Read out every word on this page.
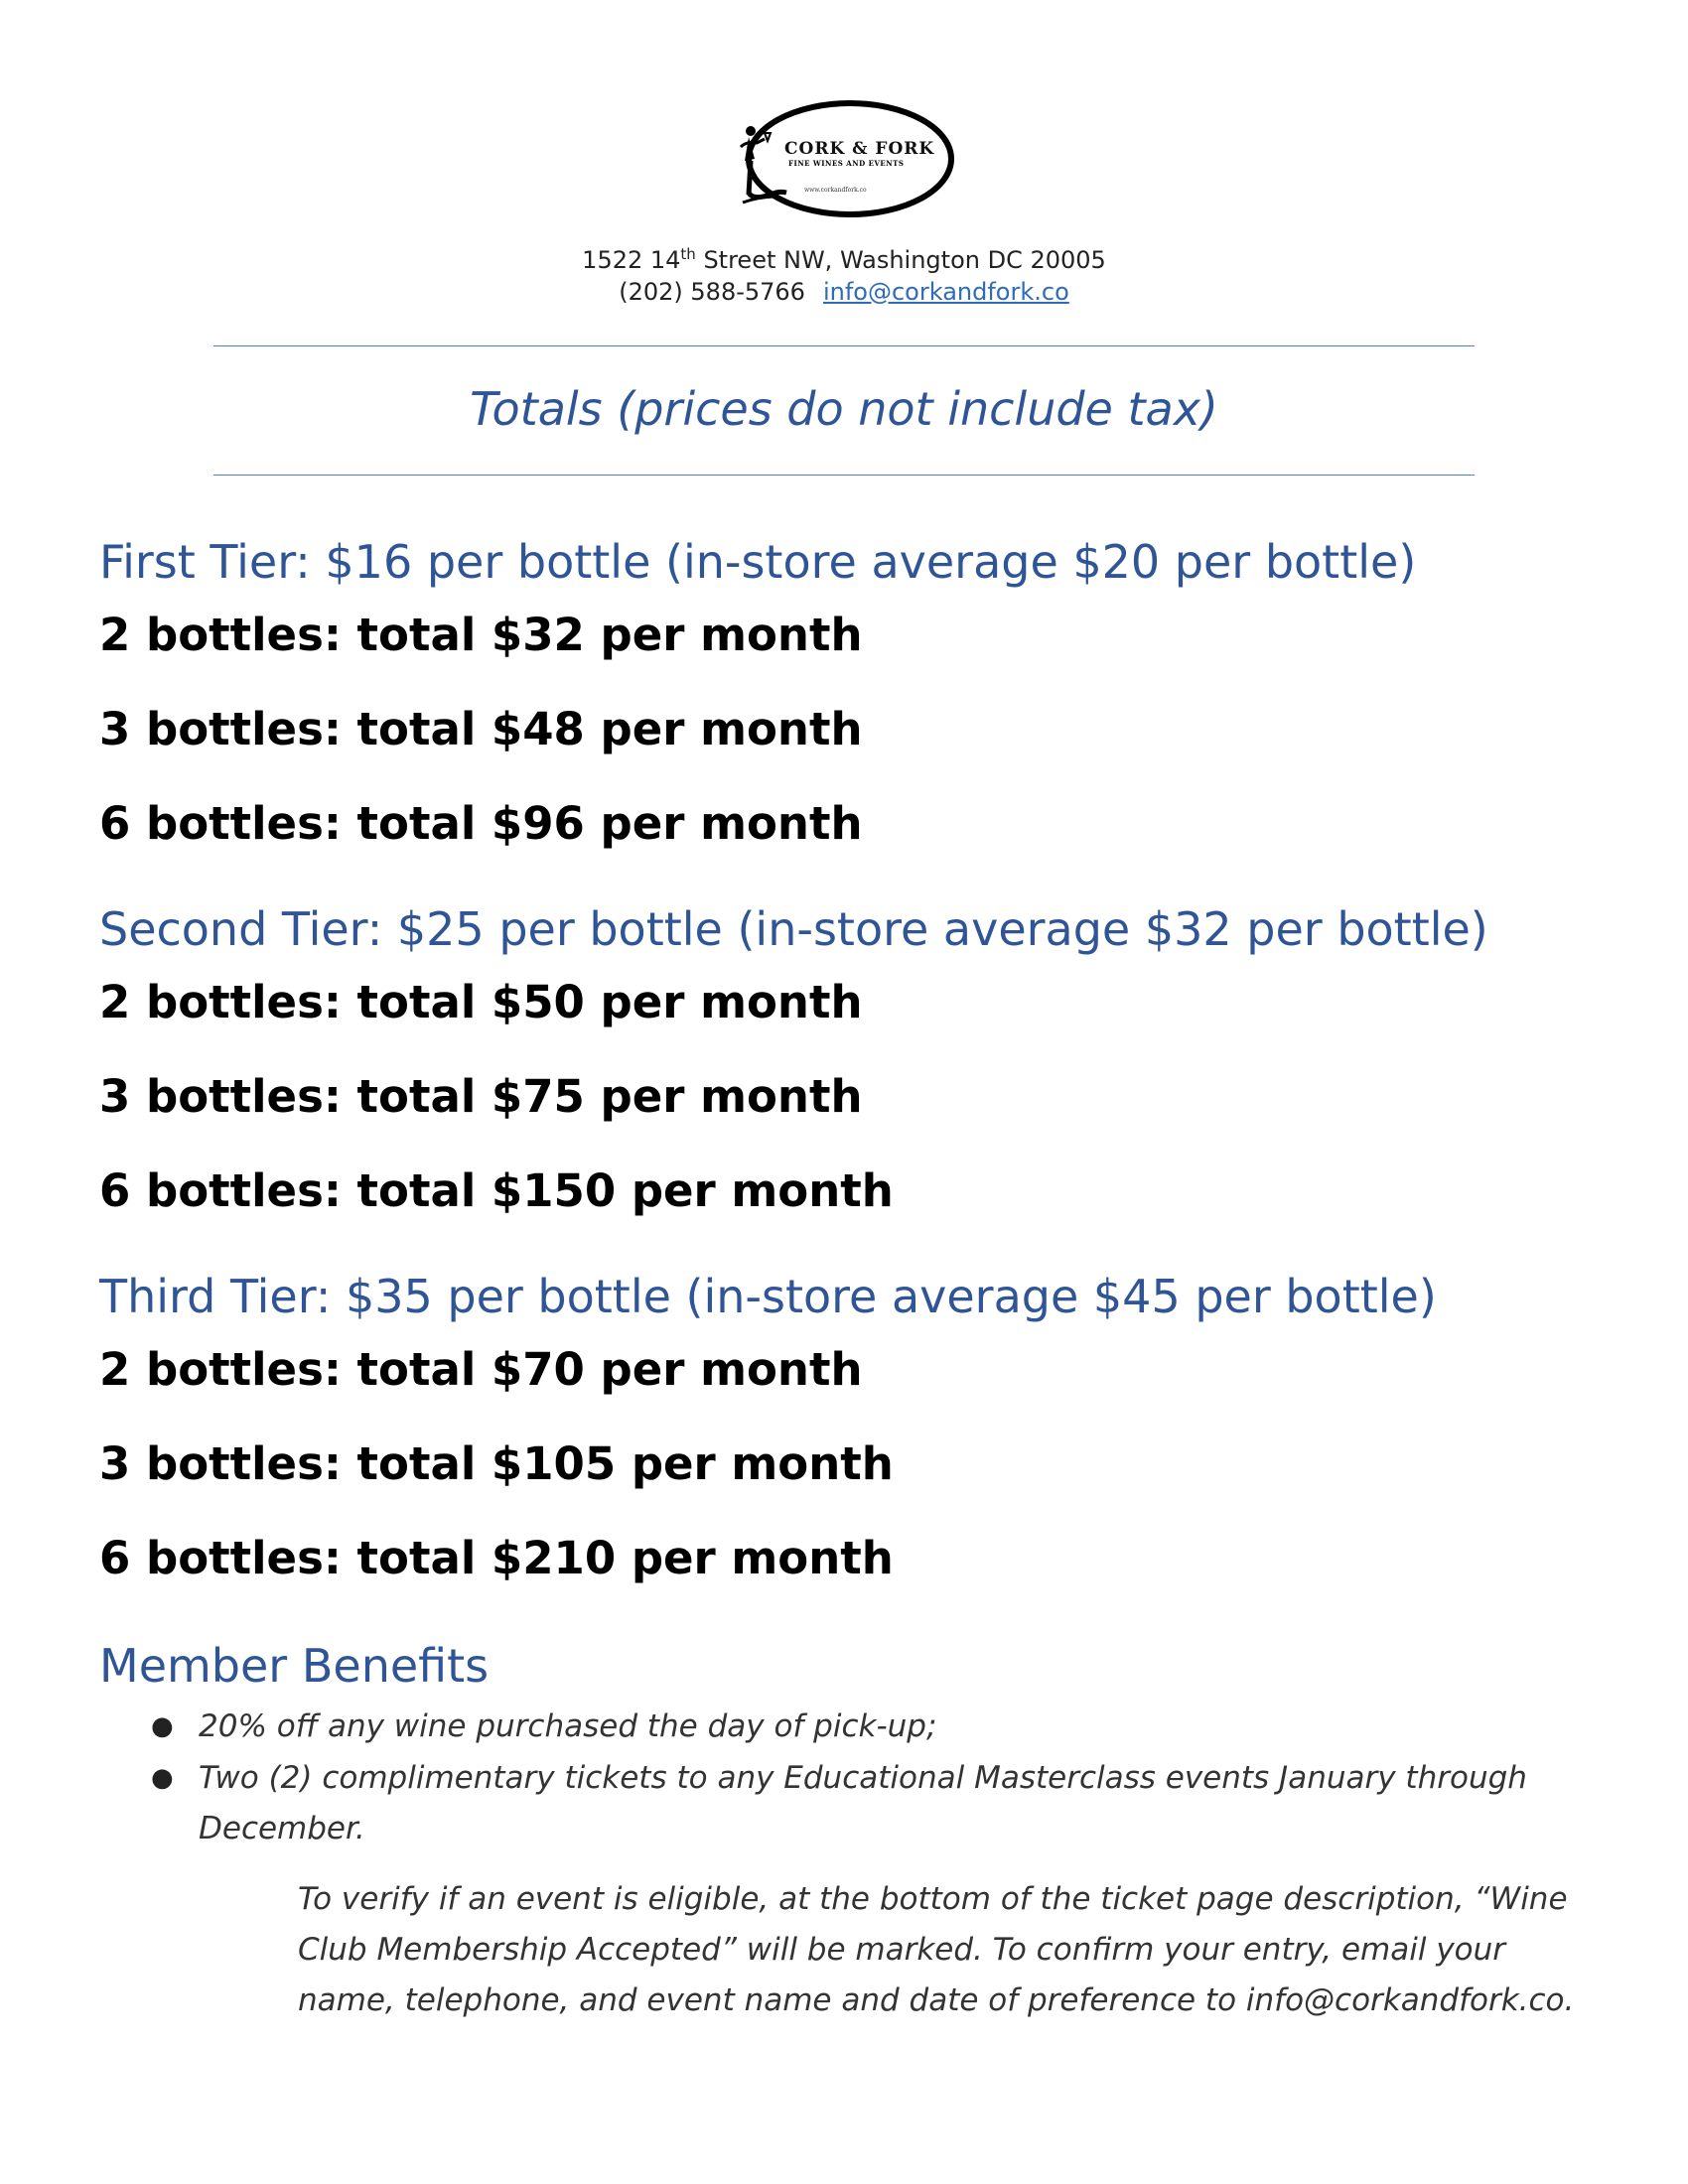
CORK & FORK
FINE WINES AND EVENTS
www.corkandfork.co
1522 14th Street NW, Washington DC 20005
(202) 588-5766 info@corkandfork.co
Totals (prices do not include tax)
First Tier: $16 per bottle (in-store average $20 per bottle)
2 bottles: total $32 per month
3 bottles: total $48 per month
6 bottles: total $96 per month
Second Tier: $25 per bottle (in-store average $32 per bottle)
2 bottles: total $50 per month
3 bottles: total $75 per month
6 bottles: total $150 per month
Third Tier: $35 per bottle (in-store average $45 per bottle)
2 bottles: total $70 per month
3 bottles: total $105 per month
6 bottles: total $210 per month
Member Benefits
● 20% off any wine purchased the day of pick-up;
● Two (2) complimentary tickets to any Educational Masterclass events January through December.
To verify if an event is eligible, at the bottom of the ticket page description, “Wine Club Membership Accepted” will be marked. To confirm your entry, email your name, telephone, and event name and date of preference to info@corkandfork.co.
